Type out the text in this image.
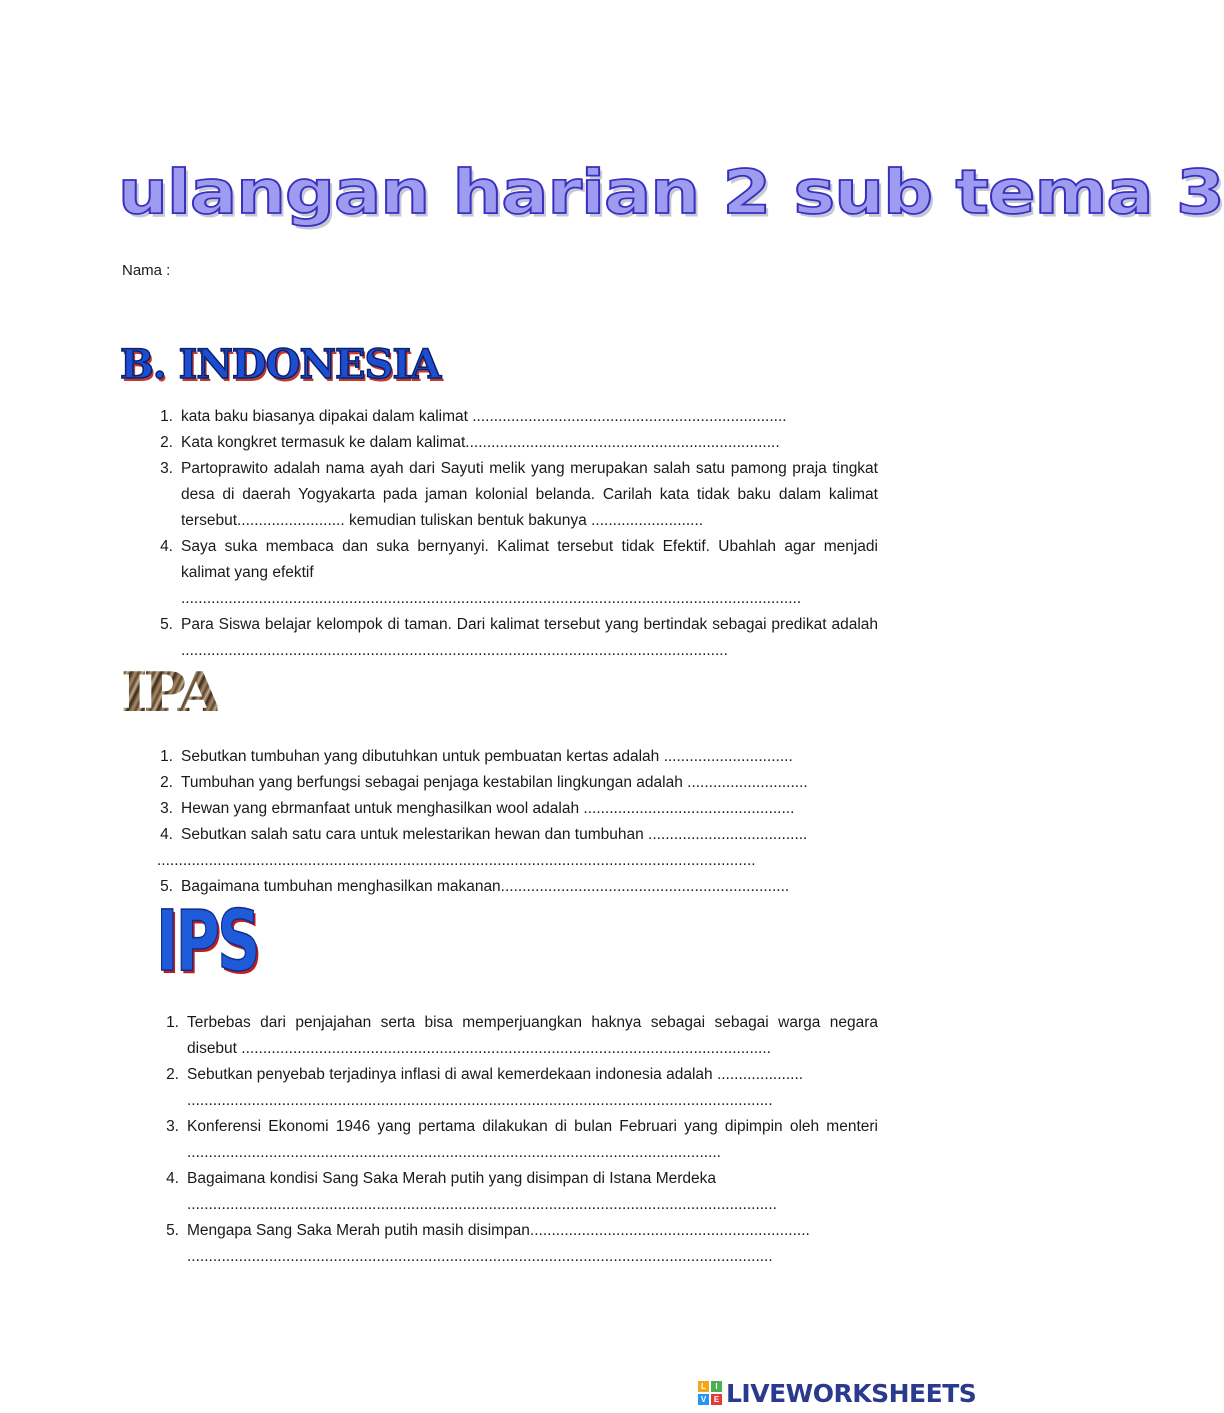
ulangan harian 2 sub tema 3
Nama :
B. INDONESIA
1. kata baku biasanya dipakai dalam kalimat .........................................................................
2. Kata kongkret termasuk ke dalam kalimat.........................................................................
3. Partoprawito adalah nama ayah dari Sayuti melik yang merupakan salah satu pamong praja tingkat desa di daerah Yogyakarta pada jaman kolonial belanda. Carilah kata tidak baku dalam kalimat tersebut......................... kemudian tuliskan bentuk bakunya ..........................
4. Saya suka membaca dan suka bernyanyi. Kalimat tersebut tidak Efektif. Ubahlah agar menjadi kalimat yang efektif
................................................................................................................................................
5. Para Siswa belajar kelompok di taman. Dari kalimat tersebut yang bertindak sebagai predikat adalah ...............................................................................................................................
IPA
1. Sebutkan tumbuhan yang dibutuhkan untuk pembuatan kertas adalah ..............................
2. Tumbuhan yang berfungsi sebagai penjaga kestabilan lingkungan adalah ............................
3. Hewan yang ebrmanfaat untuk menghasilkan wool adalah .................................................
4. Sebutkan salah satu cara untuk melestarikan hewan dan tumbuhan .....................................
...........................................................................................................................................
5. Bagaimana tumbuhan menghasilkan makanan...................................................................
IPS
1. Terbebas dari penjajahan serta bisa memperjuangkan haknya sebagai sebagai warga negara disebut ...........................................................................................................................
2. Sebutkan penyebab terjadinya inflasi di awal kemerdekaan indonesia adalah ....................
........................................................................................................................................
3. Konferensi Ekonomi 1946 yang pertama dilakukan di bulan Februari yang dipimpin oleh menteri ............................................................................................................................
4. Bagaimana kondisi Sang Saka Merah putih yang disimpan di Istana Merdeka
.........................................................................................................................................
5. Mengapa Sang Saka Merah putih masih disimpan.................................................................
........................................................................................................................................
L	I
V E LIVEWORKSHEETS
